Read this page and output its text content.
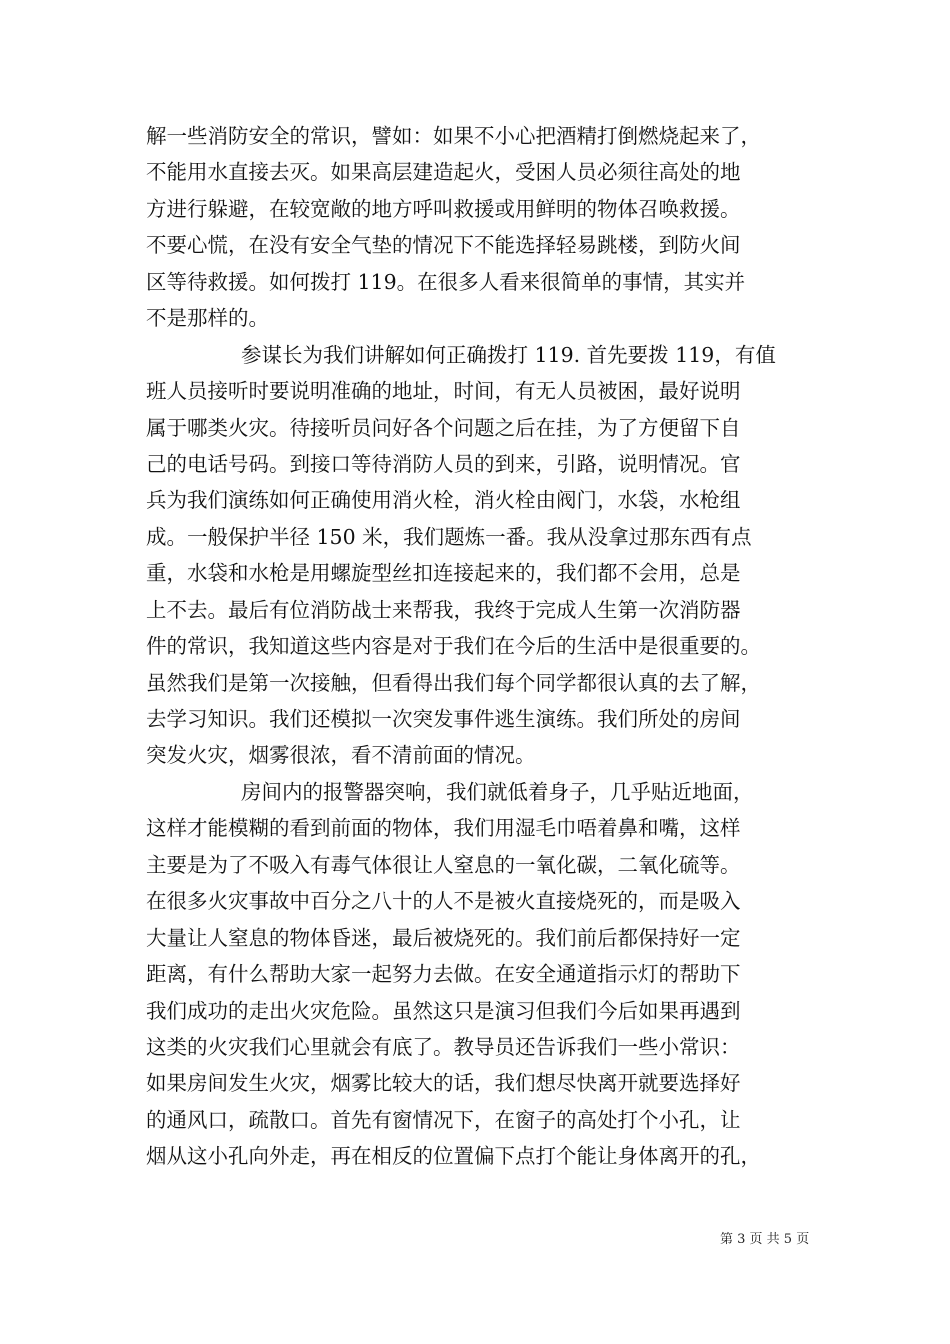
解一些消防安全的常识，譬如：如果不小心把酒精打倒燃烧起来了，
不能用水直接去灭。如果高层建造起火，受困人员必须往高处的地
方进行躲避，在较宽敞的地方呼叫救援或用鲜明的物体召唤救援。
不要心慌，在没有安全气垫的情况下不能选择轻易跳楼，到防火间
区等待救援。如何拨打 119。在很多人看来很简单的事情，其实并
不是那样的。
参谋长为我们讲解如何正确拨打 119. 首先要拨 119，有值
班人员接听时要说明准确的地址，时间，有无人员被困，最好说明
属于哪类火灾。待接听员问好各个问题之后在挂，为了方便留下自
己的电话号码。到接口等待消防人员的到来，引路，说明情况。官
兵为我们演练如何正确使用消火栓，消火栓由阀门，水袋，水枪组
成。一般保护半径 150 米，我们题炼一番。我从没拿过那东西有点
重，水袋和水枪是用螺旋型丝扣连接起来的，我们都不会用，总是
上不去。最后有位消防战士来帮我，我终于完成人生第一次消防器
件的常识，我知道这些内容是对于我们在今后的生活中是很重要的。
虽然我们是第一次接触，但看得出我们每个同学都很认真的去了解，
去学习知识。我们还模拟一次突发事件逃生演练。我们所处的房间
突发火灾，烟雾很浓，看不清前面的情况。
房间内的报警器突响，我们就低着身子，几乎贴近地面，
这样才能模糊的看到前面的物体，我们用湿毛巾唔着鼻和嘴，这样
主要是为了不吸入有毒气体很让人窒息的一氧化碳，二氧化硫等。
在很多火灾事故中百分之八十的人不是被火直接烧死的，而是吸入
大量让人窒息的物体昏迷，最后被烧死的。我们前后都保持好一定
距离，有什么帮助大家一起努力去做。在安全通道指示灯的帮助下
我们成功的走出火灾危险。虽然这只是演习但我们今后如果再遇到
这类的火灾我们心里就会有底了。教导员还告诉我们一些小常识：
如果房间发生火灾，烟雾比较大的话，我们想尽快离开就要选择好
的通风口，疏散口。首先有窗情况下，在窗子的高处打个小孔，让
烟从这小孔向外走，再在相反的位置偏下点打个能让身体离开的孔，
第 3 页 共 5 页
